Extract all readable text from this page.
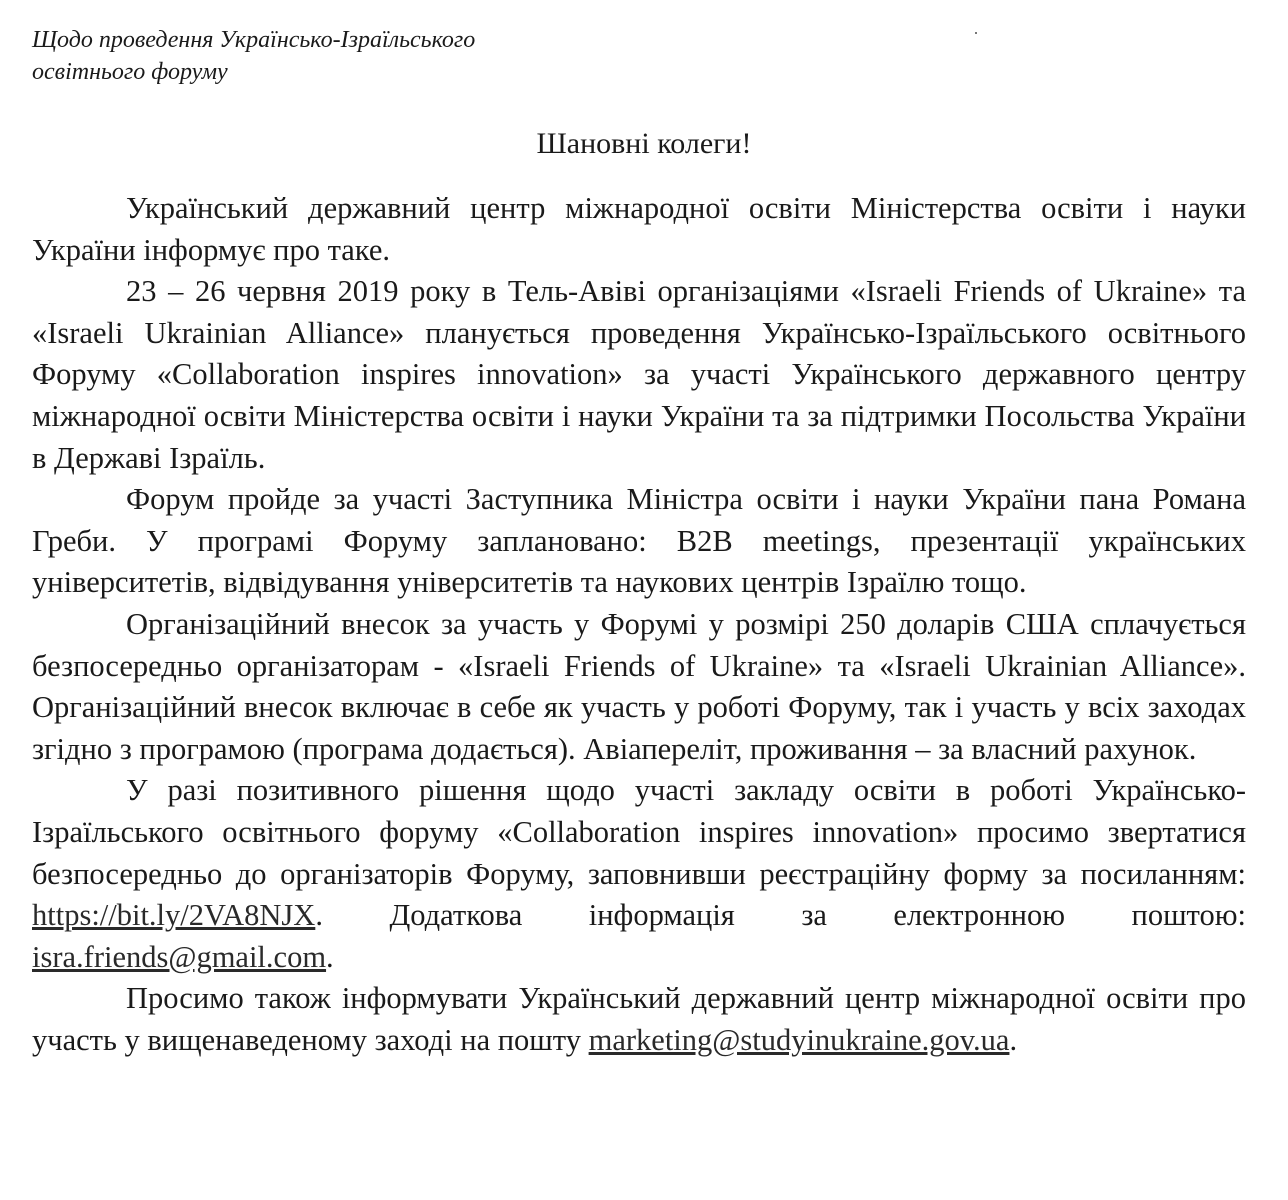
Щодо проведення Українсько-Ізраїльського
освітнього форуму
Шановні колеги!

Український державний центр міжнародної освіти Міністерства освіти і науки України інформує про таке.

23 – 26 червня 2019 року в Тель-Авіві організаціями «Israeli Friends of Ukraine» та «Israeli Ukrainian Alliance» планується проведення Українсько-Ізраїльського освітнього Форуму «Collaboration inspires innovation» за участі Українського державного центру міжнародної освіти Міністерства освіти і науки України та за підтримки Посольства України в Державі Ізраїль.

Форум пройде за участі Заступника Міністра освіти і науки України пана Романа Греби. У програмі Форуму заплановано: B2B meetings, презентації українських університетів, відвідування університетів та наукових центрів Ізраїлю тощо.

Організаційний внесок за участь у Форумі у розмірі 250 доларів США сплачується безпосередньо організаторам - «Israeli Friends of Ukraine» та «Israeli Ukrainian Alliance». Організаційний внесок включає в себе як участь у роботі Форуму, так і участь у всіх заходах згідно з програмою (програма додається). Авіапереліт, проживання – за власний рахунок.

У разі позитивного рішення щодо участі закладу освіти в роботі Українсько-Ізраїльського освітнього форуму «Collaboration inspires innovation» просимо звертатися безпосередньо до організаторів Форуму, заповнивши реєстраційну форму за посиланням: https://bit.ly/2VA8NJX. Додаткова інформація за електронною поштою: isra.friends@gmail.com.

Просимо також інформувати Український державний центр міжнародної освіти про участь у вищенаведеному заході на пошту marketing@studyinukraine.gov.ua.
